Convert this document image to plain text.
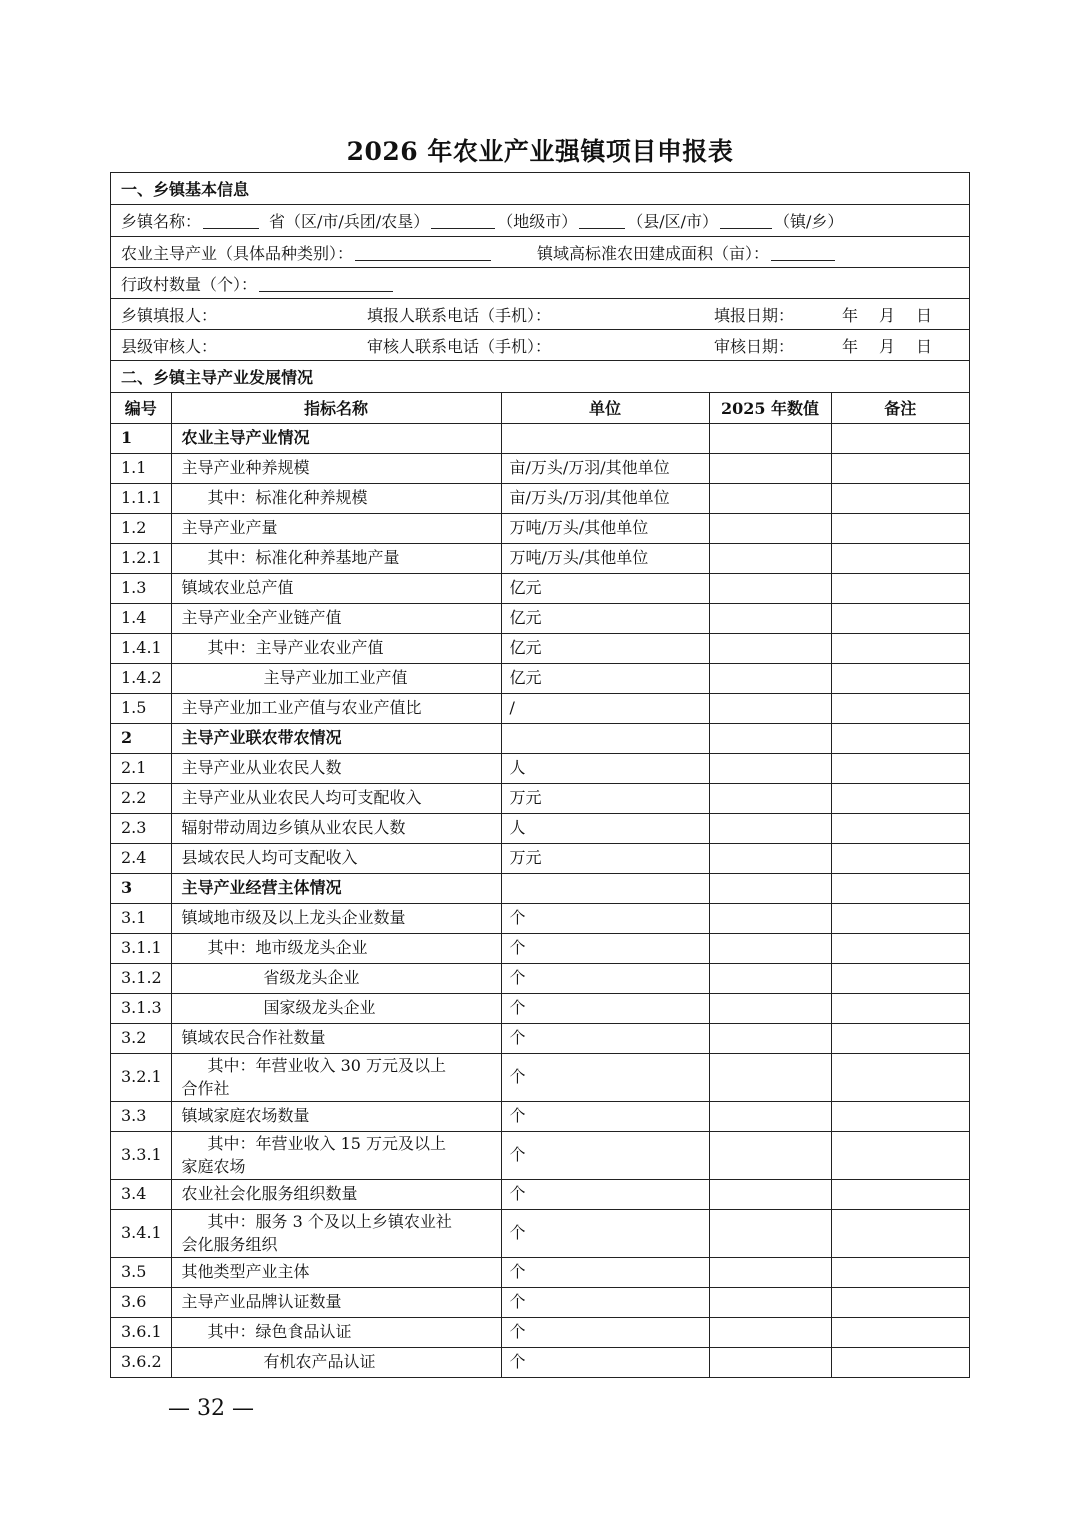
2026 年农业产业强镇项目申报表
一、乡镇基本信息
乡镇名称：	省（区/市/兵团/农垦）	（地级市）	（县/区/市）	（镇/乡）
农业主导产业（具体品种类别）：	镇域高标准农田建成面积（亩）：
行政村数量（个）：
乡镇填报人：	填报人联系电话（手机）：	填报日期：	年 月 日
县级审核人：	审核人联系电话（手机）：	审核日期：	年 月 日
二、乡镇主导产业发展情况
编号	指标名称	单位	2025 年数值	备注
1	农业主导产业情况			
1.1	主导产业种养规模	亩/万头/万羽/其他单位		
1.1.1	其中：标准化种养规模	亩/万头/万羽/其他单位		
1.2	主导产业产量	万吨/万头/其他单位		
1.2.1	其中：标准化种养基地产量	万吨/万头/其他单位		
1.3	镇域农业总产值	亿元		
1.4	主导产业全产业链产值	亿元		
1.4.1	其中：主导产业农业产值	亿元		
1.4.2	主导产业加工业产值	亿元		
1.5	主导产业加工业产值与农业产值比	/		
2	主导产业联农带农情况			
2.1	主导产业从业农民人数	人		
2.2	主导产业从业农民人均可支配收入	万元		
2.3	辐射带动周边乡镇从业农民人数	人		
2.4	县域农民人均可支配收入	万元		
3	主导产业经营主体情况			
3.1	镇域地市级及以上龙头企业数量	个		
3.1.1	其中：地市级龙头企业	个		
3.1.2	省级龙头企业	个		
3.1.3	国家级龙头企业	个		
3.2	镇域农民合作社数量	个		
3.2.1	其中：年营业收入 30 万元及以上
合作社	个		
3.3	镇域家庭农场数量	个		
3.3.1	其中：年营业收入 15 万元及以上
家庭农场	个		
3.4	农业社会化服务组织数量	个		
3.4.1	其中：服务 3 个及以上乡镇农业社
会化服务组织	个		
3.5	其他类型产业主体	个		
3.6	主导产业品牌认证数量	个		
3.6.1	其中：绿色食品认证	个		
3.6.2	有机农产品认证	个		
— 32 —
